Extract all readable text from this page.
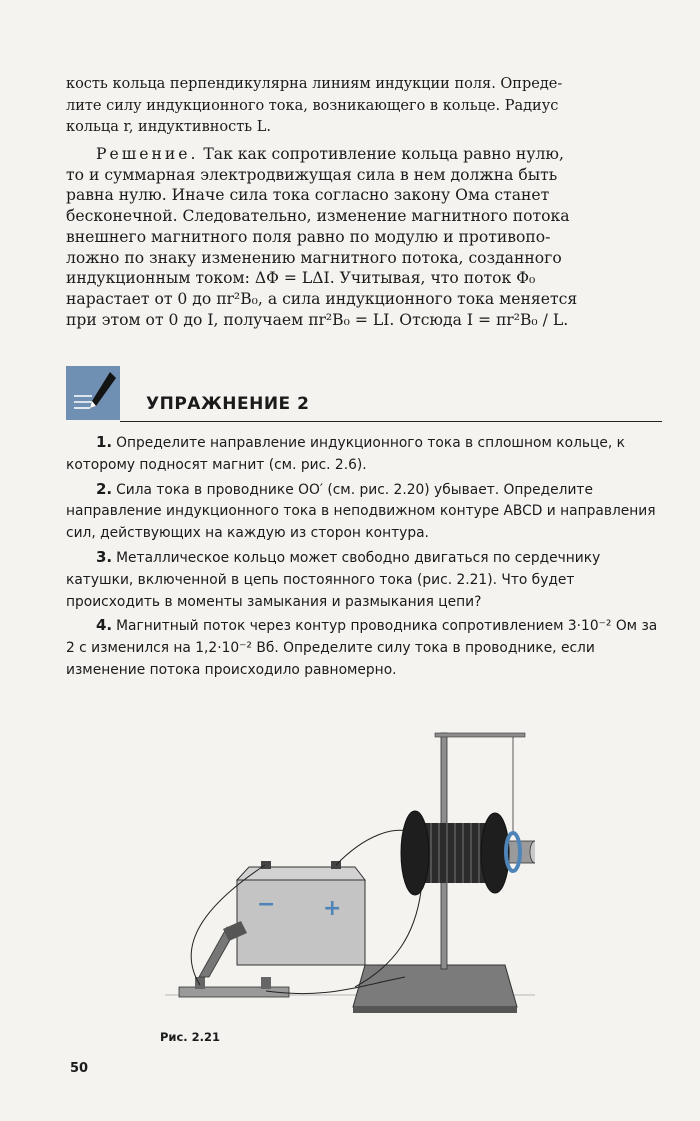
кость кольца перпендикулярна линиям индукции поля. Опреде-
лите силу индукционного тока, возникающего в кольце. Радиус
кольца r, индуктивность L.
Решение. Так как сопротивление кольца равно нулю,
то и суммарная электродвижущая сила в нем должна быть
равна нулю. Иначе сила тока согласно закону Ома станет
бесконечной. Следовательно, изменение магнитного потока
внешнего магнитного поля равно по модулю и противопо-
ложно по знаку изменению магнитного потока, созданного
индукционным током: ΔΦ = LΔI. Учитывая, что поток Φ₀
нарастает от 0 до πr²B₀, а сила индукционного тока меняется
при этом от 0 до I, получаем πr²B₀ = LI. Отсюда I = πr²B₀ / L.
УПРАЖНЕНИЕ 2
1. Определите направление индукционного тока в сплошном кольце, к которому подносят магнит (см. рис. 2.6).
2. Сила тока в проводнике OO′ (см. рис. 2.20) убывает. Определите направление индукционного тока в неподвижном контуре ABCD и направления сил, действующих на каждую из сторон контура.
3. Металлическое кольцо может свободно двигаться по сердечнику катушки, включенной в цепь постоянного тока (рис. 2.21). Что будет происходить в моменты замыкания и размыкания цепи?
4. Магнитный поток через контур проводника сопротивлением 3·10⁻² Ом за 2 с изменился на 1,2·10⁻² Вб. Определите силу тока в проводнике, если изменение потока происходило равномерно.
− +
Рис. 2.21
50
